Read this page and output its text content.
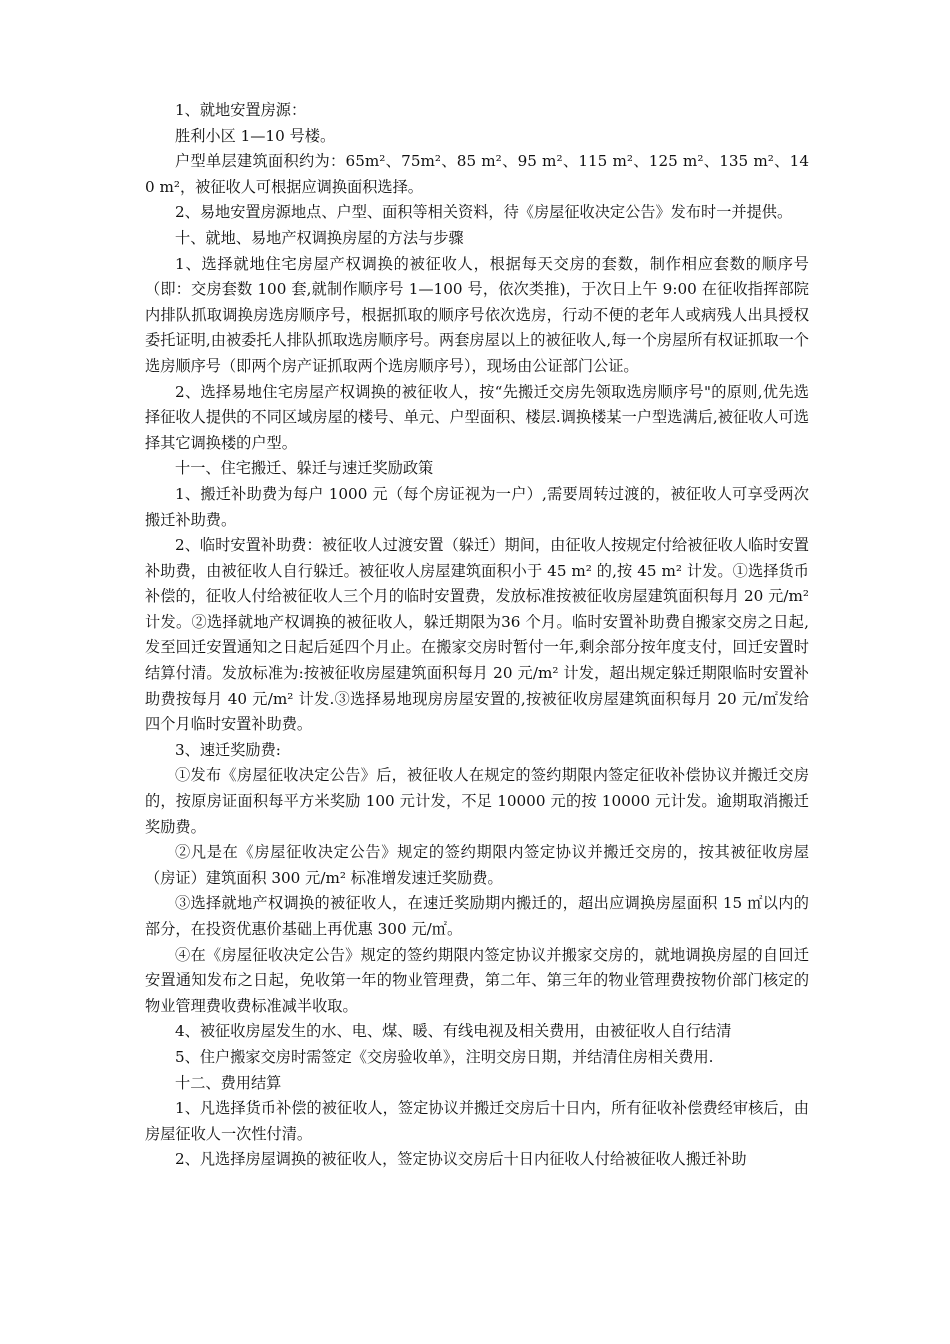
1、就地安置房源：

胜利小区 1—10 号楼。

户型单层建筑面积约为：65m²、75m²、85 m²、95 m²、115 m²、125 m²、135 m²、140 m²，被征收人可根据应调换面积选择。

2、易地安置房源地点、户型、面积等相关资料，待《房屋征收决定公告》发布时一并提供。

十、就地、易地产权调换房屋的方法与步骤

1、选择就地住宅房屋产权调换的被征收人，根据每天交房的套数，制作相应套数的顺序号（即：交房套数 100 套,就制作顺序号 1—100 号，依次类推)，于次日上午 9:00 在征收指挥部院内排队抓取调换房选房顺序号，根据抓取的顺序号依次选房，行动不便的老年人或病残人出具授权委托证明,由被委托人排队抓取选房顺序号。两套房屋以上的被征收人,每一个房屋所有权证抓取一个选房顺序号（即两个房产证抓取两个选房顺序号），现场由公证部门公证。

2、选择易地住宅房屋产权调换的被征收人，按“先搬迁交房先领取选房顺序号"的原则,优先选择征收人提供的不同区域房屋的楼号、单元、户型面积、楼层.调换楼某一户型选满后,被征收人可选择其它调换楼的户型。

十一、住宅搬迁、躲迁与速迁奖励政策

1、搬迁补助费为每户 1000 元（每个房证视为一户）,需要周转过渡的，被征收人可享受两次搬迁补助费。

2、临时安置补助费：被征收人过渡安置（躲迁）期间，由征收人按规定付给被征收人临时安置补助费，由被征收人自行躲迁。被征收人房屋建筑面积小于 45 m² 的,按 45 m² 计发。①选择货币补偿的，征收人付给被征收人三个月的临时安置费，发放标准按被征收房屋建筑面积每月 20 元/m² 计发。②选择就地产权调换的被征收人，躲迁期限为36 个月。临时安置补助费自搬家交房之日起,发至回迁安置通知之日起后延四个月止。在搬家交房时暂付一年,剩余部分按年度支付，回迁安置时结算付清。发放标准为:按被征收房屋建筑面积每月 20 元/m² 计发，超出规定躲迁期限临时安置补助费按每月 40 元/m² 计发.③选择易地现房房屋安置的,按被征收房屋建筑面积每月 20 元/㎡发给四个月临时安置补助费。

3、速迁奖励费:

①发布《房屋征收决定公告》后，被征收人在规定的签约期限内签定征收补偿协议并搬迁交房的，按原房证面积每平方米奖励 100 元计发，不足 10000 元的按 10000 元计发。逾期取消搬迁奖励费。

②凡是在《房屋征收决定公告》规定的签约期限内签定协议并搬迁交房的，按其被征收房屋（房证）建筑面积 300 元/m² 标准增发速迁奖励费。

③选择就地产权调换的被征收人，在速迁奖励期内搬迁的，超出应调换房屋面积 15 ㎡以内的部分，在投资优惠价基础上再优惠 300 元/㎡。

④在《房屋征收决定公告》规定的签约期限内签定协议并搬家交房的，就地调换房屋的自回迁安置通知发布之日起，免收第一年的物业管理费，第二年、第三年的物业管理费按物价部门核定的物业管理费收费标准减半收取。

4、被征收房屋发生的水、电、煤、暖、有线电视及相关费用，由被征收人自行结清

5、住户搬家交房时需签定《交房验收单》，注明交房日期，并结清住房相关费用.

十二、费用结算

1、凡选择货币补偿的被征收人，签定协议并搬迁交房后十日内，所有征收补偿费经审核后，由房屋征收人一次性付清。

2、凡选择房屋调换的被征收人，签定协议交房后十日内征收人付给被征收人搬迁补助
